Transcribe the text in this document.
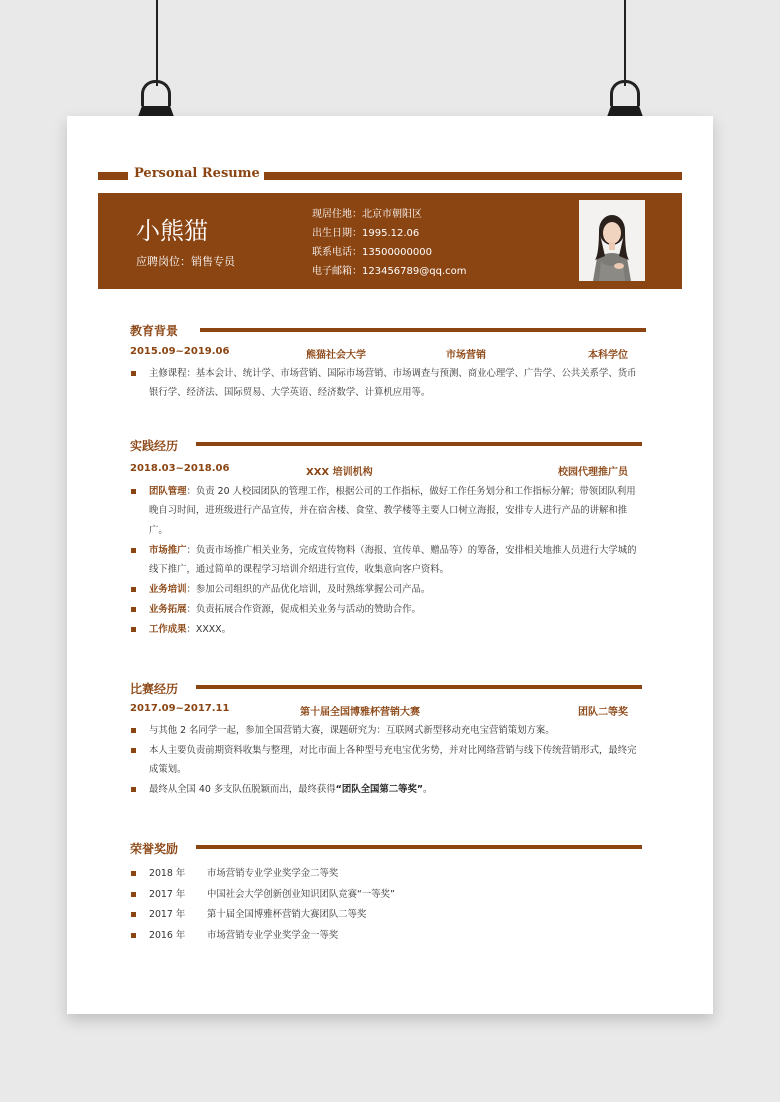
Personal Resume
小熊猫
应聘岗位：销售专员
现居住地：北京市朝阳区
出生日期：1995.12.06
联系电话：13500000000
电子邮箱：123456789@qq.com
教育背景
2015.09~2019.06	熊猫社会大学	市场营销	本科学位
主修课程：基本会计、统计学、市场营销、国际市场营销、市场调查与预测、商业心理学、广告学、公共关系学、货币银行学、经济法、国际贸易、大学英语、经济数学、计算机应用等。
实践经历
2018.03~2018.06	XXX 培训机构	校园代理推广员
团队管理：负责 20 人校园团队的管理工作，根据公司的工作指标，做好工作任务划分和工作指标分解；带领团队利用晚自习时间，进班级进行产品宣传，并在宿舍楼、食堂、教学楼等主要人口树立海报，安排专人进行产品的讲解和推广。
市场推广：负责市场推广相关业务，完成宣传物料（海报、宣传单、赠品等）的筹备，安排相关地推人员进行大学城的线下推广，通过简单的课程学习培训介绍进行宣传，收集意向客户资料。
业务培训：参加公司组织的产品优化培训，及时熟练掌握公司产品。
业务拓展：负责拓展合作资源，促成相关业务与活动的赞助合作。
工作成果：XXXX。
比赛经历
2017.09~2017.11	第十届全国博雅杯营销大赛	团队二等奖
与其他 2 名同学一起，参加全国营销大赛，课题研究为：互联网式新型移动充电宝营销策划方案。
本人主要负责前期资料收集与整理，对比市面上各种型号充电宝优劣势，并对比网络营销与线下传统营销形式，最终完成策划。
最终从全国 40 多支队伍脱颖而出，最终获得“团队全国第二等奖”。
荣誉奖励
2018 年 市场营销专业学业奖学金二等奖
2017 年 中国社会大学创新创业知识团队竞赛“一等奖”
2017 年 第十届全国博雅杯营销大赛团队二等奖
2016 年 市场营销专业学业奖学金一等奖
